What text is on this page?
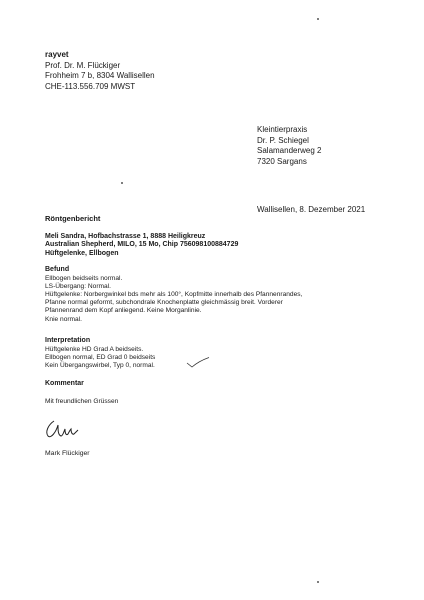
rayvet
Prof. Dr. M. Flückiger
Frohheim 7 b, 8304 Wallisellen
CHE-113.556.709 MWST
Kleintierpraxis
Dr. P. Schiegel
Salamanderweg 2
7320 Sargans
Wallisellen, 8. Dezember 2021
Röntgenbericht
Meli Sandra, Hofbachstrasse 1, 8888 Heiligkreuz
Australian Shepherd, MILO, 15 Mo, Chip 756098100884729
Hüftgelenke, Ellbogen
Befund
Ellbogen beidseits normal.
LS-Übergang: Normal.
Hüftgelenke: Norbergwinkel bds mehr als 100°, Kopfmitte innerhalb des Pfannenrandes,
Pfanne normal geformt, subchondrale Knochenplatte gleichmässig breit. Vorderer
Pfannenrand dem Kopf anliegend. Keine Morganlinie.
Knie normal.
Interpretation
Hüftgelenke HD Grad A beidseits.
Ellbogen normal, ED Grad 0 beidseits
Kein Übergangswirbel, Typ 0, normal.
Kommentar
Mit freundlichen Grüssen
Mark Flückiger
